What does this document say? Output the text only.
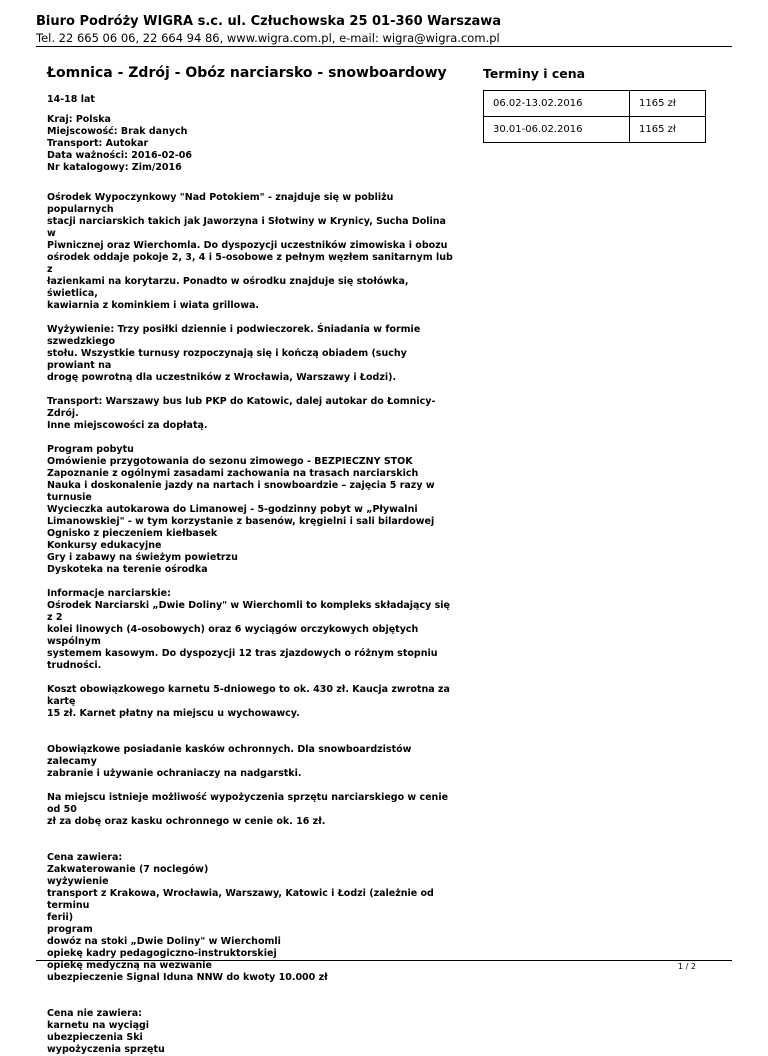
Biuro Podróży WIGRA s.c. ul. Człuchowska 25 01-360 Warszawa
Tel. 22 665 06 06, 22 664 94 86, www.wigra.com.pl, e-mail: wigra@wigra.com.pl
Łomnica - Zdrój - Obóz narciarsko - snowboardowy
14-18 lat
Kraj: Polska
Miejscowość: Brak danych
Transport: Autokar
Data ważności: 2016-02-06
Nr katalogowy: Zim/2016
Ośrodek Wypoczynkowy "Nad Potokiem" - znajduje się w pobliżu popularnych
stacji narciarskich takich jak Jaworzyna i Słotwiny w Krynicy, Sucha Dolina w
Piwnicznej oraz Wierchomla. Do dyspozycji uczestników zimowiska i obozu
ośrodek oddaje pokoje 2, 3, 4 i 5-osobowe z pełnym węzłem sanitarnym lub z
łazienkami na korytarzu. Ponadto w ośrodku znajduje się stołówka, świetlica,
kawiarnia z kominkiem i wiata grillowa.
Wyżywienie: Trzy posiłki dziennie i podwieczorek. Śniadania w formie szwedzkiego
stołu. Wszystkie turnusy rozpoczynają się i kończą obiadem (suchy prowiant na
drogę powrotną dla uczestników z Wrocławia, Warszawy i Łodzi).
Transport: Warszawy bus lub PKP do Katowic, dalej autokar do Łomnicy-Zdrój.
Inne miejscowości za dopłatą.
Program pobytu
Omówienie przygotowania do sezonu zimowego - BEZPIECZNY STOK
Zapoznanie z ogólnymi zasadami zachowania na trasach narciarskich
Nauka i doskonalenie jazdy na nartach i snowboardzie – zajęcia 5 razy w turnusie
Wycieczka autokarowa do Limanowej - 5-godzinny pobyt w „Pływalni
Limanowskiej" - w tym korzystanie z basenów, kręgielni i sali bilardowej
Ognisko z pieczeniem kiełbasek
Konkursy edukacyjne
Gry i zabawy na świeżym powietrzu
Dyskoteka na terenie ośrodka
Informacje narciarskie:
Ośrodek Narciarski „Dwie Doliny" w Wierchomli to kompleks składający się z 2
kolei linowych (4-osobowych) oraz 6 wyciągów orczykowych objętych wspólnym
systemem kasowym. Do dyspozycji 12 tras zjazdowych o różnym stopniu
trudności.
Koszt obowiązkowego karnetu 5-dniowego to ok. 430 zł. Kaucja zwrotna za kartę
15 zł. Karnet płatny na miejscu u wychowawcy.
Obowiązkowe posiadanie kasków ochronnych. Dla snowboardzistów zalecamy
zabranie i używanie ochraniaczy na nadgarstki.
Na miejscu istnieje możliwość wypożyczenia sprzętu narciarskiego w cenie od 50
zł za dobę oraz kasku ochronnego w cenie ok. 16 zł.
Cena zawiera:
Zakwaterowanie (7 noclegów)
wyżywienie
transport z Krakowa, Wrocławia, Warszawy, Katowic i Łodzi (zależnie od terminu
ferii)
program
dowóz na stoki „Dwie Doliny" w Wierchomli
opiekę kadry pedagogiczno-instruktorskiej
opiekę medyczną na wezwanie
ubezpieczenie Signal Iduna NNW do kwoty 10.000 zł
Cena nie zawiera:
karnetu na wyciągi
ubezpieczenia Ski
wypożyczenia sprzętu
Terminy i cena
06.02-13.02.2016	1165 zł
30.01-06.02.2016	1165 zł
1 / 2
